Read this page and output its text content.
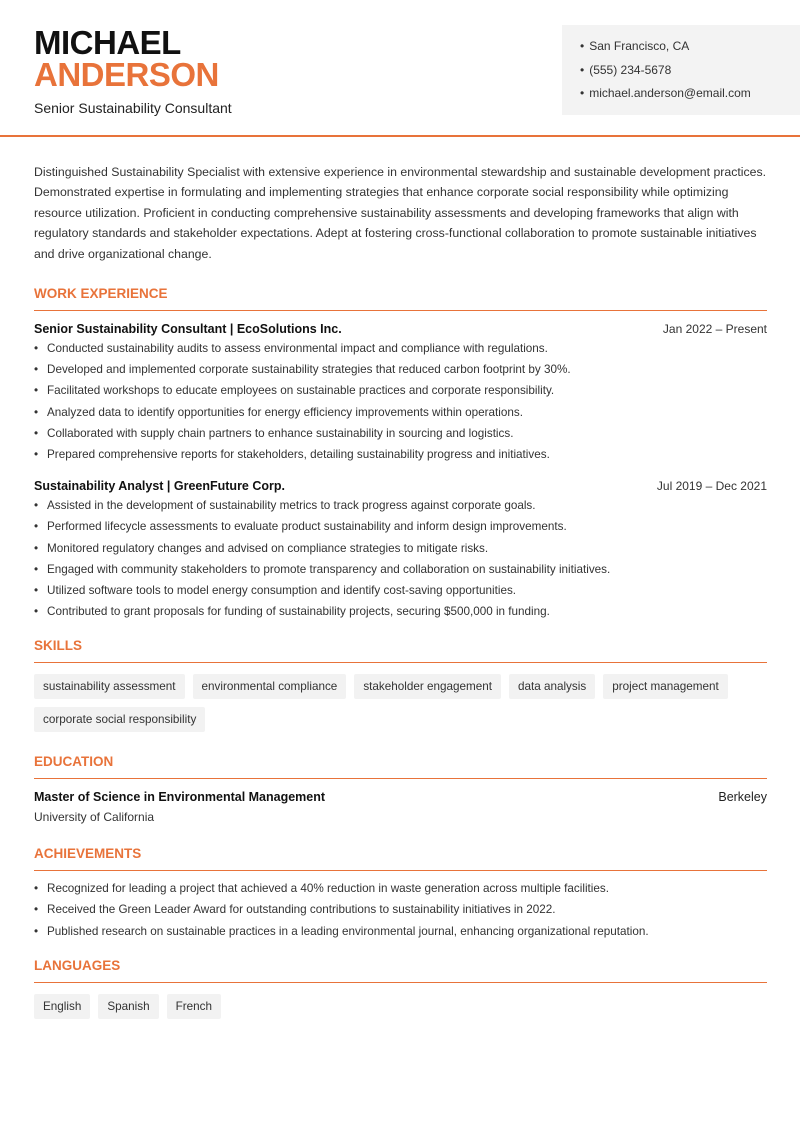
MICHAEL
ANDERSON
Senior Sustainability Consultant
• San Francisco, CA
• (555) 234-5678
• michael.anderson@email.com

Distinguished Sustainability Specialist with extensive experience in environmental stewardship and sustainable development practices. Demonstrated expertise in formulating and implementing strategies that enhance corporate social responsibility while optimizing resource utilization. Proficient in conducting comprehensive sustainability assessments and developing frameworks that align with regulatory standards and stakeholder expectations. Adept at fostering cross-functional collaboration to promote sustainable initiatives and drive organizational change.

WORK EXPERIENCE
Senior Sustainability Consultant | EcoSolutions Inc.	Jan 2022 – Present
• Conducted sustainability audits to assess environmental impact and compliance with regulations.
• Developed and implemented corporate sustainability strategies that reduced carbon footprint by 30%.
• Facilitated workshops to educate employees on sustainable practices and corporate responsibility.
• Analyzed data to identify opportunities for energy efficiency improvements within operations.
• Collaborated with supply chain partners to enhance sustainability in sourcing and logistics.
• Prepared comprehensive reports for stakeholders, detailing sustainability progress and initiatives.
Sustainability Analyst | GreenFuture Corp.	Jul 2019 – Dec 2021
• Assisted in the development of sustainability metrics to track progress against corporate goals.
• Performed lifecycle assessments to evaluate product sustainability and inform design improvements.
• Monitored regulatory changes and advised on compliance strategies to mitigate risks.
• Engaged with community stakeholders to promote transparency and collaboration on sustainability initiatives.
• Utilized software tools to model energy consumption and identify cost-saving opportunities.
• Contributed to grant proposals for funding of sustainability projects, securing $500,000 in funding.
SKILLS
sustainability assessment	environmental compliance	stakeholder engagement	data analysis	project management
corporate social responsibility
EDUCATION
Master of Science in Environmental Management	Berkeley
University of California
ACHIEVEMENTS
• Recognized for leading a project that achieved a 40% reduction in waste generation across multiple facilities.
• Received the Green Leader Award for outstanding contributions to sustainability initiatives in 2022.
• Published research on sustainable practices in a leading environmental journal, enhancing organizational reputation.
LANGUAGES
English	Spanish	French
